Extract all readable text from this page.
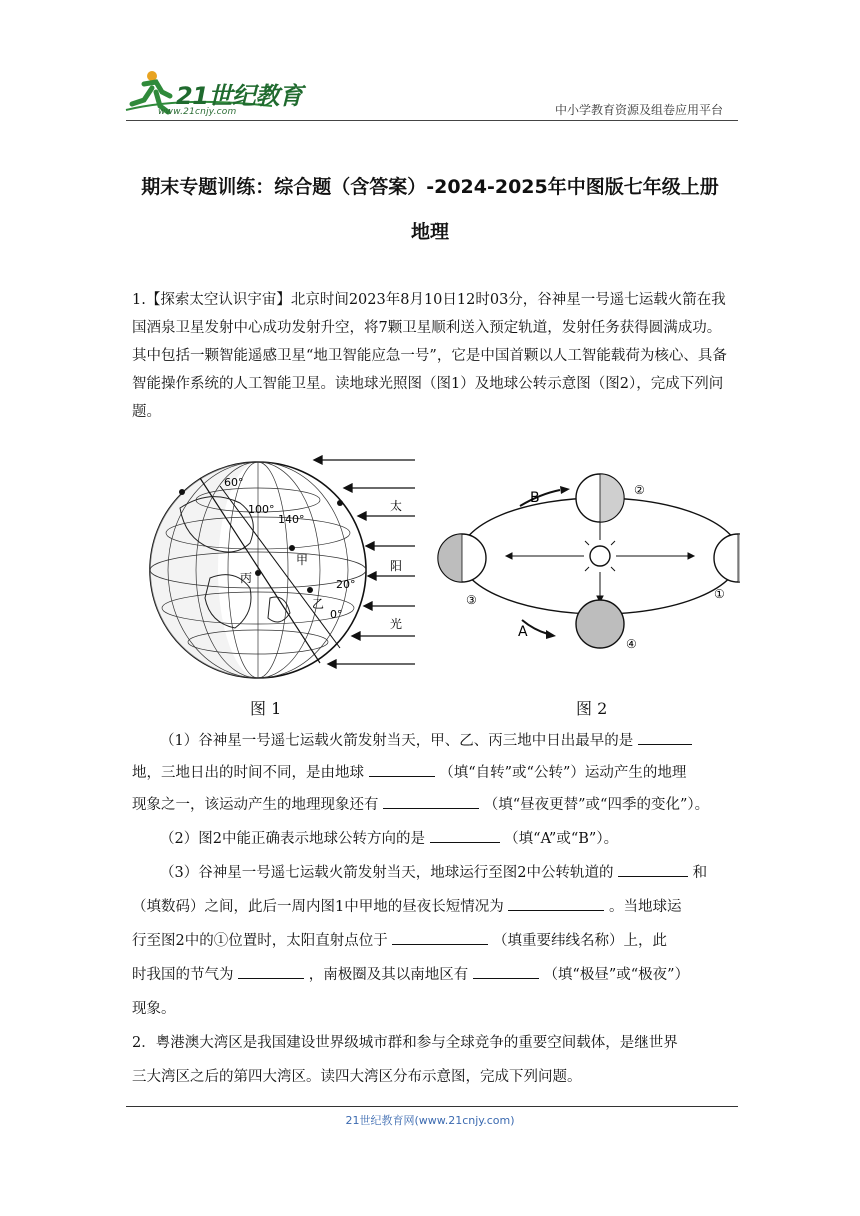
21世纪教育
www.21cnjy.com	中小学教育资源及组卷应用平台
期末专题训练：综合题（含答案）-2024-2025年中图版七年级上册
地理
1.【探索太空认识宇宙】北京时间2023年8月10日12时03分，谷神星一号遥七运载火箭在我国酒泉卫星发射中心成功发射升空，将7颗卫星顺利送入预定轨道，发射任务获得圆满成功。其中包括一颗智能遥感卫星“地卫智能应急一号”，它是中国首颗以人工智能载荷为核心、具备智能操作系统的人工智能卫星。读地球光照图（图1）及地球公转示意图（图2），完成下列问题。
60°
100°
140°
20°
0°
甲
乙
丙
太
阳
光
B
A
②
③	①
④
图 1	图 2
（1）谷神星一号遥七运载火箭发射当天，甲、乙、丙三地中日出最早的是
地，三地日出的时间不同，是由地球	（填“自转”或“公转”）运动产生的地理
现象之一，该运动产生的地理现象还有	（填“昼夜更替”或“四季的变化”）。
（2）图2中能正确表示地球公转方向的是	（填“A”或“B”）。
（3）谷神星一号遥七运载火箭发射当天，地球运行至图2中公转轨道的	和
（填数码）之间，此后一周内图1中甲地的昼夜长短情况为	。当地球运
行至图2中的①位置时，太阳直射点位于	（填重要纬线名称）上，此
时我国的节气为	，南极圈及其以南地区有	（填“极昼”或“极夜”）
现象。
2．粤港澳大湾区是我国建设世界级城市群和参与全球竞争的重要空间载体，是继世界
三大湾区之后的第四大湾区。读四大湾区分布示意图，完成下列问题。
21世纪教育网(www.21cnjy.com)
